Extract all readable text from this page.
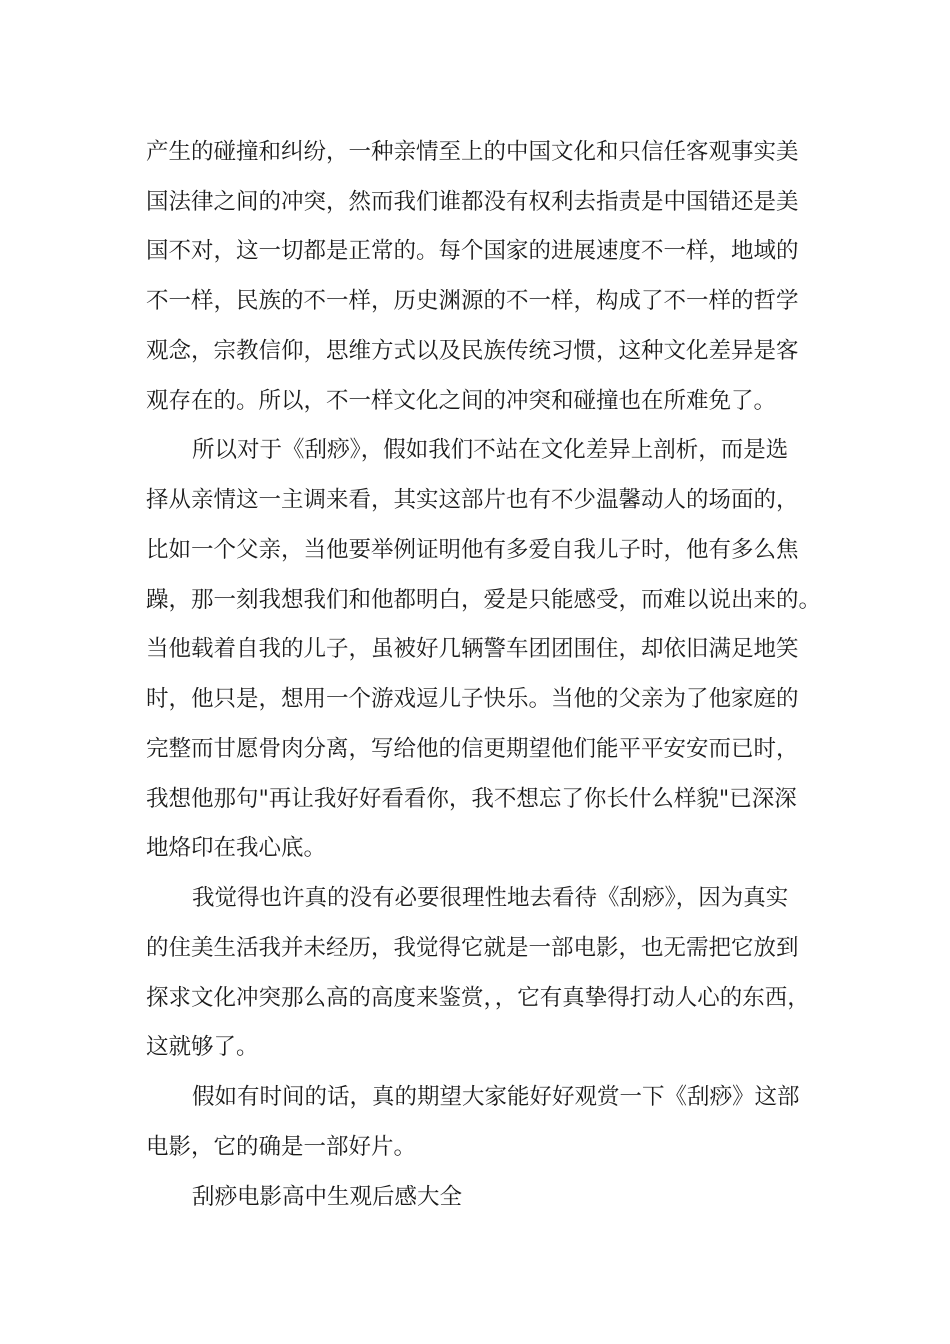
产生的碰撞和纠纷，一种亲情至上的中国文化和只信任客观事实美

国法律之间的冲突，然而我们谁都没有权利去指责是中国错还是美

国不对，这一切都是正常的。每个国家的进展速度不一样，地域的

不一样，民族的不一样，历史渊源的不一样，构成了不一样的哲学

观念，宗教信仰，思维方式以及民族传统习惯，这种文化差异是客

观存在的。所以，不一样文化之间的冲突和碰撞也在所难免了。

所以对于《刮痧》，假如我们不站在文化差异上剖析，而是选

择从亲情这一主调来看，其实这部片也有不少温馨动人的场面的，

比如一个父亲，当他要举例证明他有多爱自我儿子时，他有多么焦

躁，那一刻我想我们和他都明白，爱是只能感受，而难以说出来的。

当他载着自我的儿子，虽被好几辆警车团团围住，却依旧满足地笑

时，他只是，想用一个游戏逗儿子快乐。当他的父亲为了他家庭的

完整而甘愿骨肉分离，写给他的信更期望他们能平平安安而已时，

我想他那句"再让我好好看看你，我不想忘了你长什么样貌"已深深

地烙印在我心底。

我觉得也许真的没有必要很理性地去看待《刮痧》，因为真实

的住美生活我并未经历，我觉得它就是一部电影，也无需把它放到

探求文化冲突那么高的高度来鉴赏，，它有真挚得打动人心的东西，

这就够了。

假如有时间的话，真的期望大家能好好观赏一下《刮痧》这部

电影，它的确是一部好片。

刮痧电影高中生观后感大全
